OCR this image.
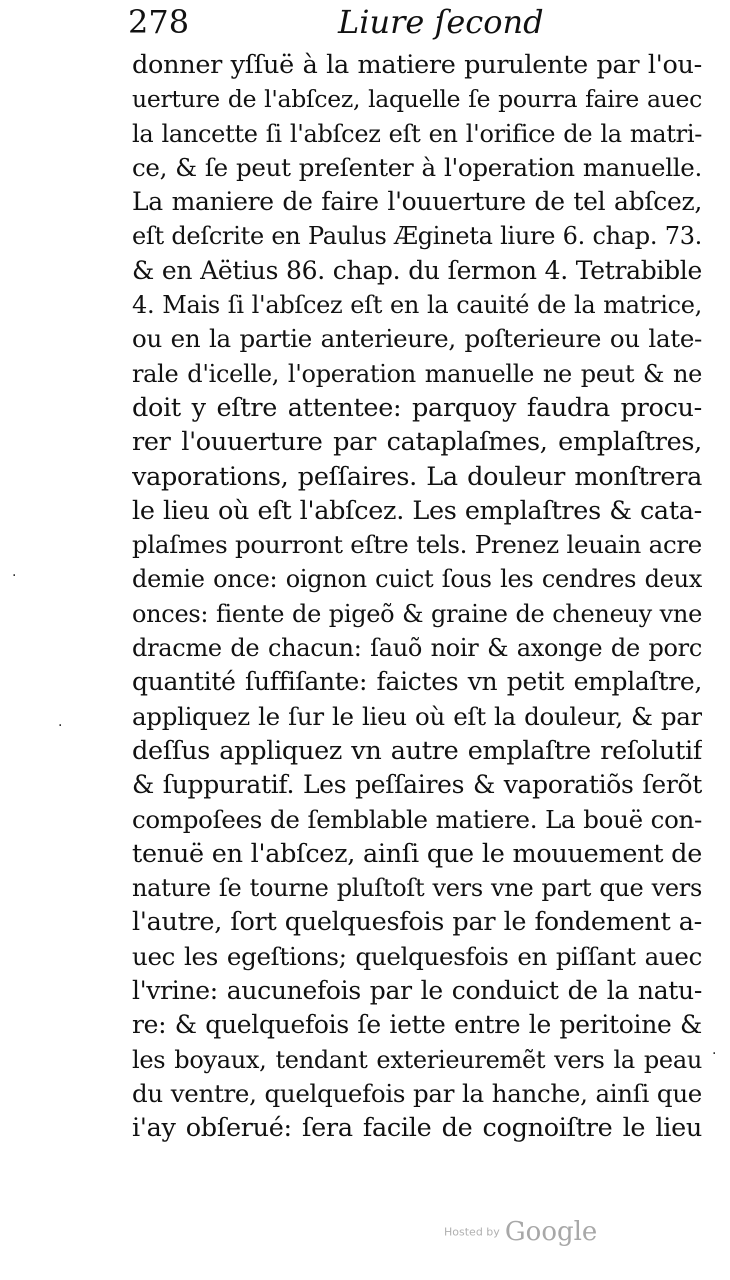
278	Liure ſecond
donner yſſuë à la matiere purulente par l'ou-
uerture de l'abſcez, laquelle ſe pourra faire auec
la lancette ſi l'abſcez eſt en l'orifice de la matri-
ce, & ſe peut preſenter à l'operation manuelle.
La maniere de faire l'ouuerture de tel abſcez,
eſt deſcrite en Paulus Æginetа liure 6. chap. 73.
& en Aëtius 86. chap. du ſermon 4. Tetrabible
4. Mais ſi l'abſcez eſt en la cauité de la matrice,
ou en la partie anterieure, poſterieure ou late-
rale d'icelle, l'operation manuelle ne peut & ne
doit y eſtre attentee: parquoy faudra procu-
rer l'ouuerture par cataplaſmes, emplaſtres,
vaporations, peſſaires. La douleur monſtrera
le lieu où eſt l'abſcez. Les emplaſtres & cata-
plaſmes pourront eſtre tels. Prenez leuain acre
demie once: oignon cuict ſous les cendres deux
onces: fiente de pigeõ & graine de cheneuy vne
dracme de chacun: ſauõ noir & axonge de porc
quantité ſuffiſante: faictes vn petit emplaſtre,
appliquez le ſur le lieu où eſt la douleur, & par
deſſus appliquez vn autre emplaſtre reſolutif
& ſuppuratif. Les peſſaires & vaporatiõs ſerõt
compoſees de ſemblable matiere. La bouë con-
tenuë en l'abſcez, ainſi que le mouuement de
nature ſe tourne pluſtoſt vers vne part que vers
l'autre, ſort quelquesfois par le fondement a-
uec les egeſtions; quelquesfois en piſſant auec
l'vrine: aucunefois par le conduict de la natu-
re: & quelquefois ſe iette entre le peritoine &
les boyaux, tendant exterieuremẽt vers la peau
du ventre, quelquefois par la hanche, ainſi que
i'ay obſerué: ſera facile de cognoiſtre le lieu
.
.
.
Hosted by Google
